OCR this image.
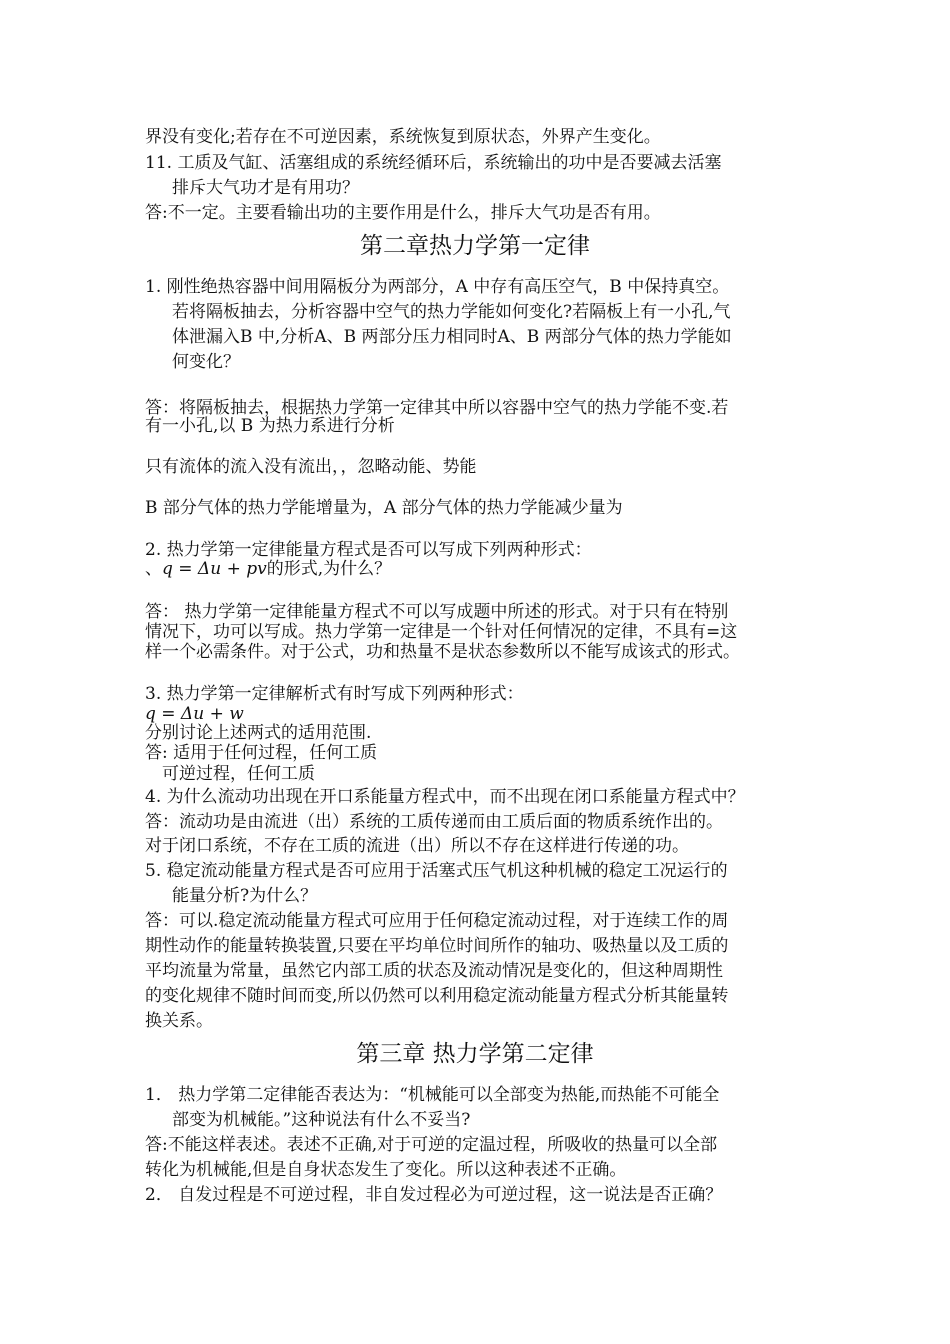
界没有变化;若存在不可逆因素，系统恢复到原状态，外界产生变化。
11. 工质及气缸、活塞组成的系统经循环后，系统输出的功中是否要减去活塞
排斥大气功才是有用功？
答:不一定。主要看输出功的主要作用是什么，排斥大气功是否有用。
第二章热力学第一定律
1. 刚性绝热容器中间用隔板分为两部分，A 中存有高压空气，B 中保持真空。
若将隔板抽去，分析容器中空气的热力学能如何变化?若隔板上有一小孔,气
体泄漏入B 中,分析A、B 两部分压力相同时A、B 两部分气体的热力学能如
何变化？
答：将隔板抽去，根据热力学第一定律其中所以容器中空气的热力学能不变.若
有一小孔,以 B 为热力系进行分析
只有流体的流入没有流出，，忽略动能、势能
B 部分气体的热力学能增量为，A 部分气体的热力学能减少量为
2. 热力学第一定律能量方程式是否可以写成下列两种形式：
、q = Δu + pv的形式,为什么？
答： 热力学第一定律能量方程式不可以写成题中所述的形式。对于只有在特别
情况下，功可以写成。热力学第一定律是一个针对任何情况的定律，不具有=这
样一个必需条件。对于公式，功和热量不是状态参数所以不能写成该式的形式。
3. 热力学第一定律解析式有时写成下列两种形式：
q = Δu + w
分别讨论上述两式的适用范围.
答: 适用于任何过程，任何工质
可逆过程，任何工质
4. 为什么流动功出现在开口系能量方程式中，而不出现在闭口系能量方程式中？
答：流动功是由流进（出）系统的工质传递而由工质后面的物质系统作出的。
对于闭口系统，不存在工质的流进（出）所以不存在这样进行传递的功。
5. 稳定流动能量方程式是否可应用于活塞式压气机这种机械的稳定工况运行的
能量分析?为什么？
答：可以.稳定流动能量方程式可应用于任何稳定流动过程，对于连续工作的周
期性动作的能量转换装置,只要在平均单位时间所作的轴功、吸热量以及工质的
平均流量为常量，虽然它内部工质的状态及流动情况是变化的，但这种周期性
的变化规律不随时间而变,所以仍然可以利用稳定流动能量方程式分析其能量转
换关系。
第三章 热力学第二定律
1． 热力学第二定律能否表达为：“机械能可以全部变为热能,而热能不可能全
部变为机械能。”这种说法有什么不妥当?
答:不能这样表述。表述不正确,对于可逆的定温过程，所吸收的热量可以全部
转化为机械能,但是自身状态发生了变化。所以这种表述不正确。
2． 自发过程是不可逆过程，非自发过程必为可逆过程，这一说法是否正确？
